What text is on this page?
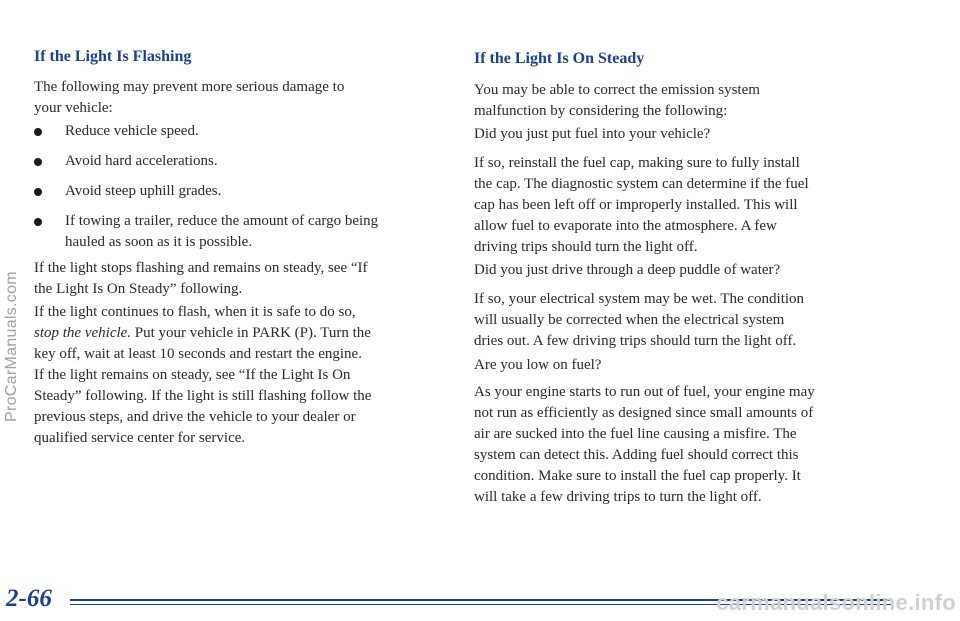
If the Light Is Flashing
The following may prevent more serious damage to
your vehicle:
Reduce vehicle speed.
Avoid hard accelerations.
Avoid steep uphill grades.
If towing a trailer, reduce the amount of cargo being
hauled as soon as it is possible.
If the light stops flashing and remains on steady, see “If
the Light Is On Steady” following.
If the light continues to flash, when it is safe to do so,
stop the vehicle. Put your vehicle in PARK (P). Turn the
key off, wait at least 10 seconds and restart the engine.
If the light remains on steady, see “If the Light Is On
Steady” following. If the light is still flashing follow the
previous steps, and drive the vehicle to your dealer or
qualified service center for service.
If the Light Is On Steady
You may be able to correct the emission system
malfunction by considering the following:
Did you just put fuel into your vehicle?
If so, reinstall the fuel cap, making sure to fully install
the cap. The diagnostic system can determine if the fuel
cap has been left off or improperly installed. This will
allow fuel to evaporate into the atmosphere. A few
driving trips should turn the light off.
Did you just drive through a deep puddle of water?
If so, your electrical system may be wet. The condition
will usually be corrected when the electrical system
dries out. A few driving trips should turn the light off.
Are you low on fuel?
As your engine starts to run out of fuel, your engine may
not run as efficiently as designed since small amounts of
air are sucked into the fuel line causing a misfire. The
system can detect this. Adding fuel should correct this
condition. Make sure to install the fuel cap properly. It
will take a few driving trips to turn the light off.
2-66
ProCarManuals.com
carmanualsonline.info
